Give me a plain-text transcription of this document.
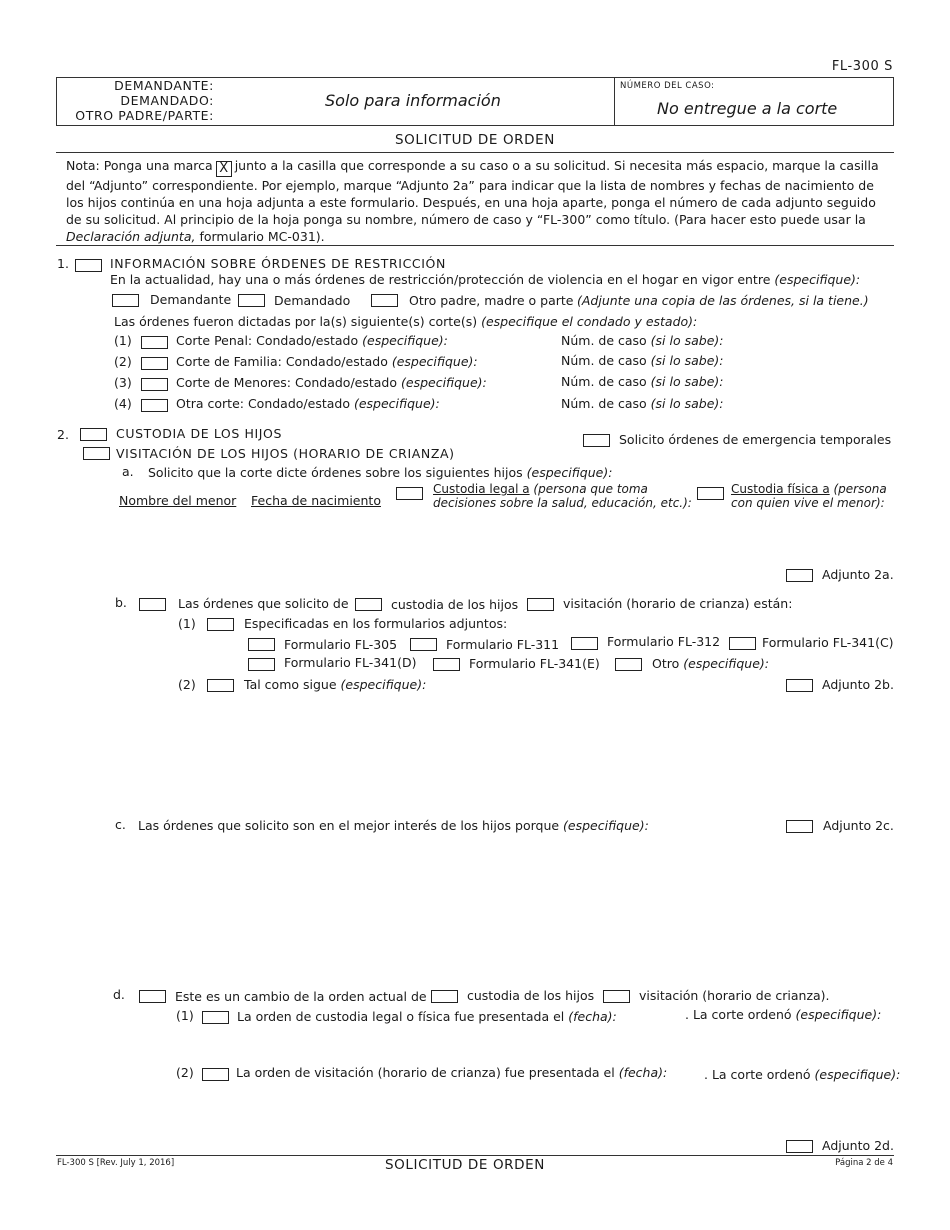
FL-300 S
DEMANDANTE:
DEMANDADO:
OTRO PADRE/PARTE:
Solo para información
NÚMERO DEL CASO:
No entregue a la corte
SOLICITUD DE ORDEN
Nota: Ponga una marca X junto a la casilla que corresponde a su caso o a su solicitud. Si necesita más espacio, marque la casilla del “Adjunto” correspondiente. Por ejemplo, marque “Adjunto 2a” para indicar que la lista de nombres y fechas de nacimiento de los hijos continúa en una hoja adjunta a este formulario. Después, en una hoja aparte, ponga el número de cada adjunto seguido de su solicitud. Al principio de la hoja ponga su nombre, número de caso y “FL-300” como título. (Para hacer esto puede usar la Declaración adjunta, formulario MC-031).
1.	INFORMACIÓN SOBRE ÓRDENES DE RESTRICCIÓN
En la actualidad, hay una o más órdenes de restricción/protección de violencia en el hogar en vigor entre (especifique):
Demandante	Demandado	Otro padre, madre o parte (Adjunte una copia de las órdenes, si la tiene.)
Las órdenes fueron dictadas por la(s) siguiente(s) corte(s) (especifique el condado y estado):
(1)	Corte Penal: Condado/estado (especifique):	Núm. de caso (si lo sabe):
(2)	Corte de Familia: Condado/estado (especifique):	Núm. de caso (si lo sabe):
(3)	Corte de Menores: Condado/estado (especifique):	Núm. de caso (si lo sabe):
(4)	Otra corte: Condado/estado (especifique):	Núm. de caso (si lo sabe):
2.	CUSTODIA DE LOS HIJOS
VISITACIÓN DE LOS HIJOS (HORARIO DE CRIANZA)
Solicito órdenes de emergencia temporales
a. Solicito que la corte dicte órdenes sobre los siguientes hijos (especifique):
Nombre del menor Fecha de nacimiento
Custodia legal a (persona que toma
decisiones sobre la salud, educación, etc.):
Custodia física a (persona
con quien vive el menor):
Adjunto 2a.
b.	Las órdenes que solicito de	custodia de los hijos	visitación (horario de crianza) están:
(1)	Especificadas en los formularios adjuntos:
Formulario FL-305	Formulario FL-311	Formulario FL-312	Formulario FL-341(C)
Formulario FL-341(D)	Formulario FL-341(E)	Otro (especifique):
(2)	Tal como sigue (especifique):	Adjunto 2b.
c. Las órdenes que solicito son en el mejor interés de los hijos porque (especifique):	Adjunto 2c.
d.	Este es un cambio de la orden actual de	custodia de los hijos	visitación (horario de crianza).
(1)	La orden de custodia legal o física fue presentada el (fecha):	. La corte ordenó (especifique):
(2)	La orden de visitación (horario de crianza) fue presentada el (fecha):	. La corte ordenó (especifique):
Adjunto 2d.
FL-300 S [Rev. July 1, 2016]	SOLICITUD DE ORDEN	Página 2 de 4
